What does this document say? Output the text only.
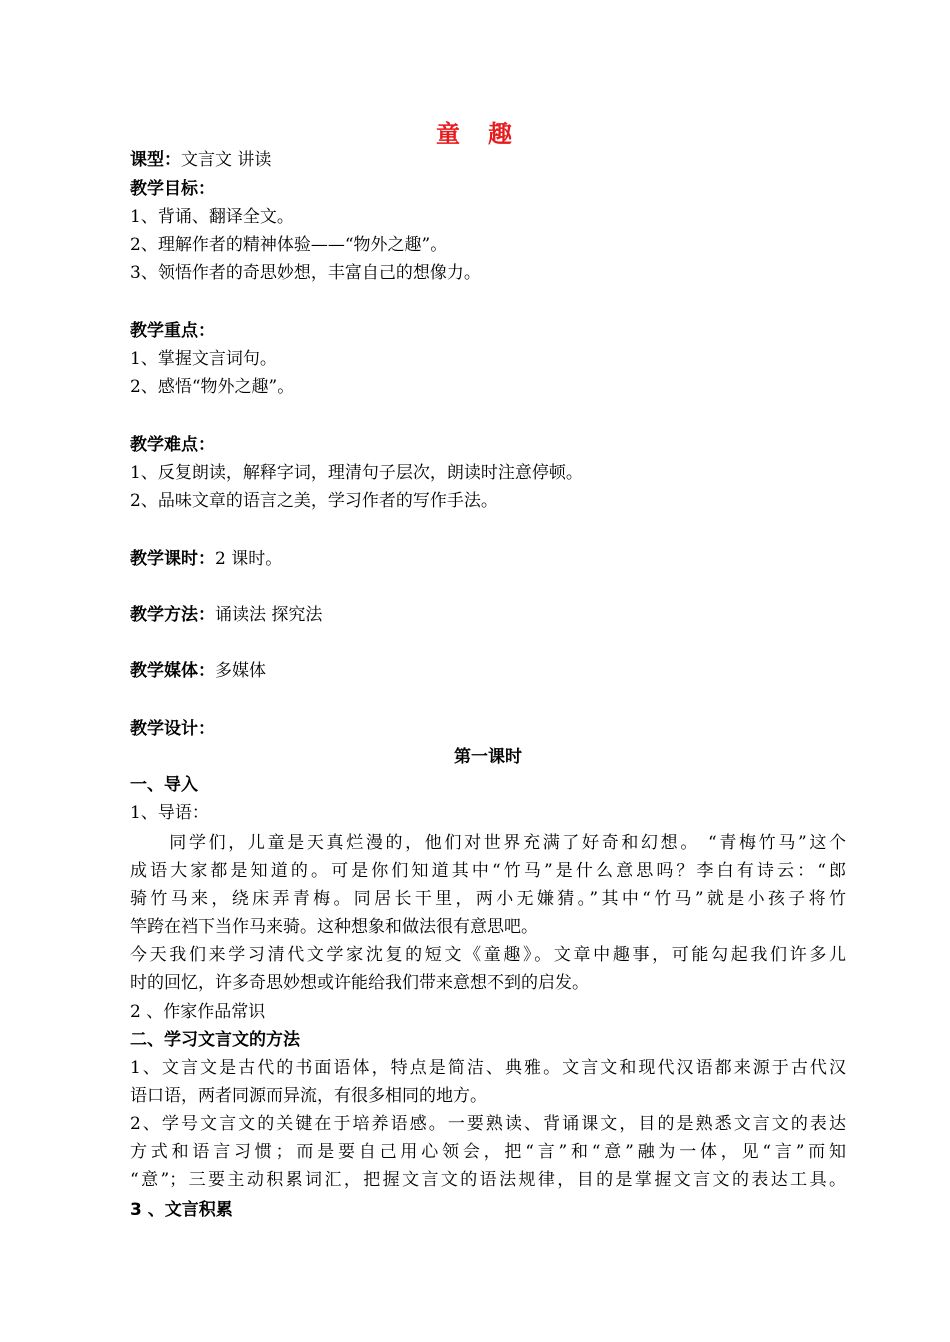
童　趣
课型：文言文 讲读
教学目标：
1、背诵、翻译全文。
2、理解作者的精神体验——“物外之趣”。
3、领悟作者的奇思妙想，丰富自己的想像力。
教学重点：
1、掌握文言词句。
2、感悟“物外之趣”。
教学难点：
1、反复朗读，解释字词，理清句子层次，朗读时注意停顿。
2、品味文章的语言之美，学习作者的写作手法。
教学课时：2 课时。
教学方法：诵读法 探究法
教学媒体：多媒体
教学设计：
第一课时
一、导入
1、导语：
　　同学们，儿童是天真烂漫的，他们对世界充满了好奇和幻想。 “青梅竹马”这个
成语大家都是知道的。可是你们知道其中“竹马”是什么意思吗？李白有诗云：“郎
骑竹马来，绕床弄青梅。同居长干里，两小无嫌猜。”其中“竹马”就是小孩子将竹
竿跨在裆下当作马来骑。这种想象和做法很有意思吧。
今天我们来学习清代文学家沈复的短文《童趣》。文章中趣事，可能勾起我们许多儿
时的回忆，许多奇思妙想或许能给我们带来意想不到的启发。
2 、作家作品常识
二、学习文言文的方法
1、文言文是古代的书面语体，特点是简洁、典雅。文言文和现代汉语都来源于古代汉
语口语，两者同源而异流，有很多相同的地方。
2、学号文言文的关键在于培养语感。一要熟读、背诵课文，目的是熟悉文言文的表达
方式和语言习惯；而是要自己用心领会，把“言”和“意”融为一体，见“言”而知
“意”；三要主动积累词汇，把握文言文的语法规律，目的是掌握文言文的表达工具。
3 、文言积累
